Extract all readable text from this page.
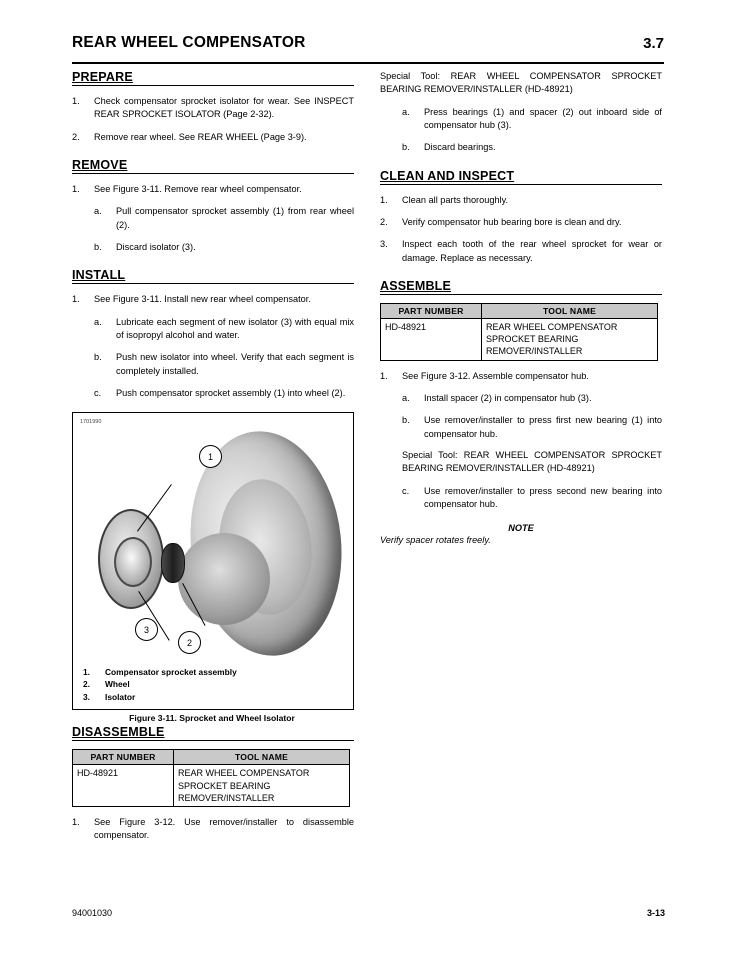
REAR WHEEL COMPENSATOR	3.7
PREPARE
1.	Check compensator sprocket isolator for wear. See INSPECT REAR SPROCKET ISOLATOR (Page 2-32).
2.	Remove rear wheel. See REAR WHEEL (Page 3-9).
REMOVE
1.	See Figure 3-11. Remove rear wheel compensator.
a.	Pull compensator sprocket assembly (1) from rear wheel (2).
b.	Discard isolator (3).
INSTALL
1.	See Figure 3-11. Install new rear wheel compensator.
a.	Lubricate each segment of new isolator (3) with equal mix of isopropyl alcohol and water.
b.	Push new isolator into wheel. Verify that each segment is completely installed.
c.	Push compensator sprocket assembly (1) into wheel (2).
1701990
1
3
2
1.	Compensator sprocket assembly
2.	Wheel
3.	Isolator
Figure 3-11. Sprocket and Wheel Isolator
DISASSEMBLE
PART NUMBER	TOOL NAME
HD-48921	REAR WHEEL COMPENSATOR SPROCKET BEARING REMOVER/INSTALLER
1.	See Figure 3-12. Use remover/installer to disassemble compensator.
Special Tool: REAR WHEEL COMPENSATOR SPROCKET BEARING REMOVER/INSTALLER (HD-48921)
a.	Press bearings (1) and spacer (2) out inboard side of compensator hub (3).
b.	Discard bearings.
CLEAN AND INSPECT
1.	Clean all parts thoroughly.
2.	Verify compensator hub bearing bore is clean and dry.
3.	Inspect each tooth of the rear wheel sprocket for wear or damage. Replace as necessary.
ASSEMBLE
PART NUMBER	TOOL NAME
HD-48921	REAR WHEEL COMPENSATOR SPROCKET BEARING REMOVER/INSTALLER
1.	See Figure 3-12. Assemble compensator hub.
a.	Install spacer (2) in compensator hub (3).
b.	Use remover/installer to press first new bearing (1) into compensator hub.
Special Tool: REAR WHEEL COMPENSATOR SPROCKET BEARING REMOVER/INSTALLER (HD-48921)
c.	Use remover/installer to press second new bearing into compensator hub.
NOTE
Verify spacer rotates freely.
94001030	3-13
